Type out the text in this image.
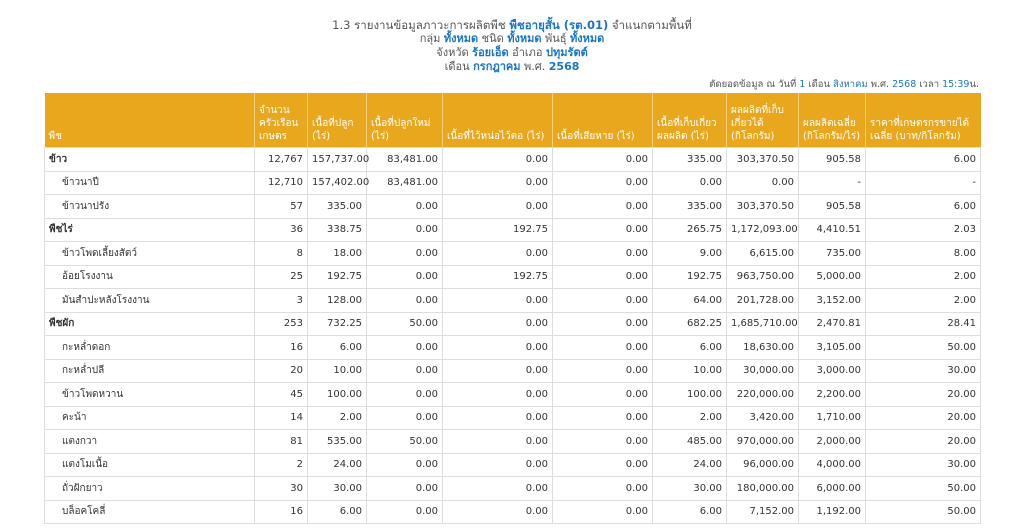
1.3 รายงานข้อมูลภาวะการผลิตพืช พืชอายุสั้น (รต.01) จำแนกตามพื้นที่
กลุ่ม ทั้งหมด ชนิด ทั้งหมด พันธุ์ ทั้งหมด
จังหวัด ร้อยเอ็ด อำเภอ ปทุมรัตต์
เดือน กรกฎาคม พ.ศ. 2568
ตัดยอดข้อมูล ณ วันที่ 1 เดือน สิงหาคม พ.ศ. 2568 เวลา 15:39น.
พืช	จำนวนครัวเรือนเกษตร	เนื้อที่ปลูก (ไร่)	เนื้อที่ปลูกใหม่ (ไร่)	เนื้อที่ไว้หน่อไว้ตอ (ไร่)	เนื้อที่เสียหาย (ไร่)	เนื้อที่เก็บเกี่ยวผลผลิต (ไร่)	ผลผลิตที่เก็บเกี่ยวได้ (กิโลกรัม)	ผลผลิตเฉลี่ย (กิโลกรัม/ไร่)	ราคาที่เกษตรกรขายได้เฉลี่ย (บาท/กิโลกรัม)
ข้าว	12,767	157,737.00	83,481.00	0.00	0.00	335.00	303,370.50	905.58	6.00
ข้าวนาปี	12,710	157,402.00	83,481.00	0.00	0.00	0.00	0.00	-	-
ข้าวนาปรัง	57	335.00	0.00	0.00	0.00	335.00	303,370.50	905.58	6.00
พืชไร่	36	338.75	0.00	192.75	0.00	265.75	1,172,093.00	4,410.51	2.03
ข้าวโพดเลี้ยงสัตว์	8	18.00	0.00	0.00	0.00	9.00	6,615.00	735.00	8.00
อ้อยโรงงาน	25	192.75	0.00	192.75	0.00	192.75	963,750.00	5,000.00	2.00
มันสำปะหลังโรงงาน	3	128.00	0.00	0.00	0.00	64.00	201,728.00	3,152.00	2.00
พืชผัก	253	732.25	50.00	0.00	0.00	682.25	1,685,710.00	2,470.81	28.41
กะหล่ำดอก	16	6.00	0.00	0.00	0.00	6.00	18,630.00	3,105.00	50.00
กะหล่ำปลี	20	10.00	0.00	0.00	0.00	10.00	30,000.00	3,000.00	30.00
ข้าวโพดหวาน	45	100.00	0.00	0.00	0.00	100.00	220,000.00	2,200.00	20.00
คะน้า	14	2.00	0.00	0.00	0.00	2.00	3,420.00	1,710.00	20.00
แตงกวา	81	535.00	50.00	0.00	0.00	485.00	970,000.00	2,000.00	20.00
แตงโมเนื้อ	2	24.00	0.00	0.00	0.00	24.00	96,000.00	4,000.00	30.00
ถั่วฝักยาว	30	30.00	0.00	0.00	0.00	30.00	180,000.00	6,000.00	50.00
บล็อคโคลี่	16	6.00	0.00	0.00	0.00	6.00	7,152.00	1,192.00	50.00
